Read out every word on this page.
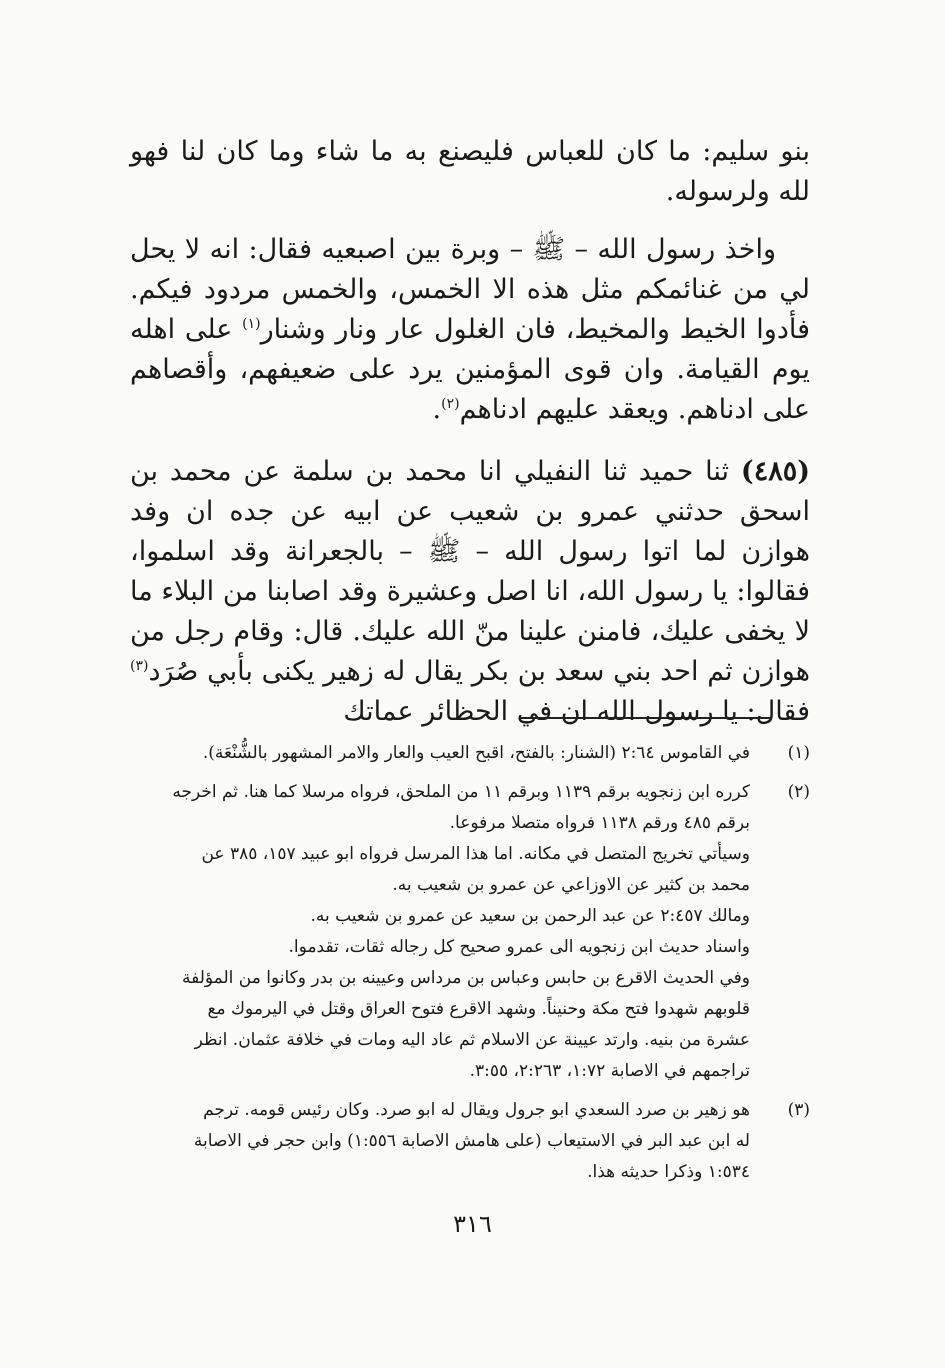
بنو سليم: ما كان للعباس فليصنع به ما شاء وما كان لنا فهو لله ولرسوله.

واخذ رسول الله – ﷺ – وبرة بين اصبعيه فقال: انه لا يحل لي من غنائمكم مثل هذه الا الخمس، والخمس مردود فيكم. فأدوا الخيط والمخيط، فان الغلول عار ونار وشنار$^{(١)}$ على اهله يوم القيامة. وان قوى المؤمنين يرد على ضعيفهم، وأقصاهم على ادناهم. ويعقد عليهم ادناهم$^{(٢)}$.

(٤٨٥) ثنا حميد ثنا النفيلي انا محمد بن سلمة عن محمد بن اسحق حدثني عمرو بن شعيب عن ابيه عن جده ان وفد هوازن لما اتوا رسول الله – ﷺ – بالجعرانة وقد اسلموا، فقالوا: يا رسول الله، انا اصل وعشيرة وقد اصابنا من البلاء ما لا يخفى عليك، فامنن علينا منّ الله عليك. قال: وقام رجل من هوازن ثم احد بني سعد بن بكر يقال له زهير يكنى بأبي صُرَد$^{(٣)}$ فقال: يا رسول الله ان في الحظائر عماتك

(١)
في القاموس ٢:٦٤ (الشنار: بالفتح، اقبح العيب والعار والامر المشهور بالشُّنْعَة).
(٢)
كرره ابن زنجويه برقم ١١٣٩ وبرقم ١١ من الملحق، فرواه مرسلا كما هنا. ثم اخرجه
برقم ٤٨٥ ورقم ١١٣٨ فرواه متصلا مرفوعا.
وسيأتي تخريج المتصل في مكانه. اما هذا المرسل فرواه ابو عبيد ١٥٧، ٣٨٥ عن
محمد بن كثير عن الاوزاعي عن عمرو بن شعيب به.
ومالك ٢:٤٥٧ عن عبد الرحمن بن سعيد عن عمرو بن شعيب به.
واسناد حديث ابن زنجويه الى عمرو صحيح كل رجاله ثقات، تقدموا.
وفي الحديث الاقرع بن حابس وعباس بن مرداس وعيينه بن بدر وكانوا من المؤلفة
قلوبهم شهدوا فتح مكة وحنيناً. وشهد الاقرع فتوح العراق وقتل في اليرموك مع
عشرة من بنيه. وارتد عيينة عن الاسلام ثم عاد اليه ومات في خلافة عثمان. انظر
تراجمهم في الاصابة ١:٧٢، ٢:٢٦٣، ٣:٥٥.
(٣)
هو زهير بن صرد السعدي ابو جرول ويقال له ابو صرد. وكان رئيس قومه. ترجم
له ابن عبد البر في الاستيعاب (على هامش الاصابة ١:٥٥٦) وابن حجر في الاصابة
١:٥٣٤ وذكرا حديثه هذا.
٣١٦
